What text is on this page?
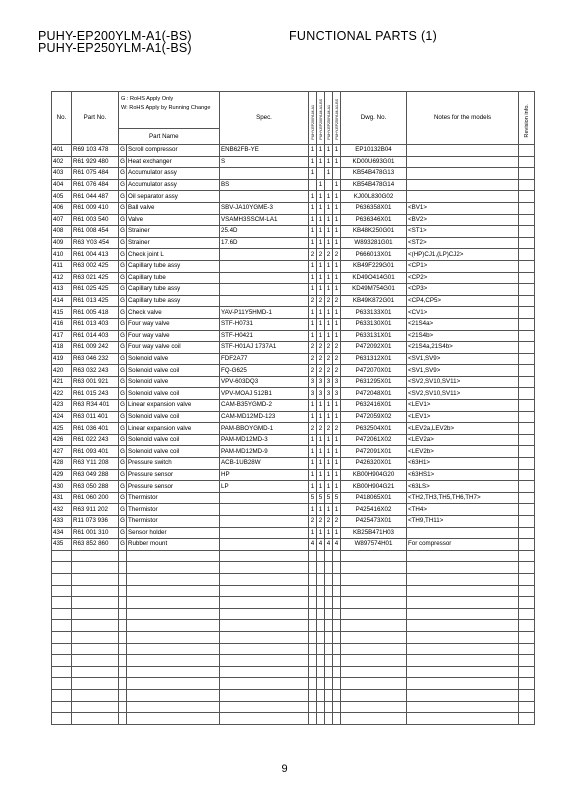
PUHY-EP200YLM-A1(-BS)
PUHY-EP250YLM-A1(-BS)
FUNCTIONAL PARTS (1)
No.	Part No.	G : RoHS Apply Only
W: RoHS Apply by Running Change
Part Name		Spec.	PUHY-EP200YLM-A1	PUHY-EP200YLM-A1-BS	PUHY-EP250YLM-A1	PUHY-EP250YLM-A1-BS	Dwg. No.	Notes for the models	Revision info.

401	R69 103 478	G	Scroll compressor	ENB62FB-YE	1	1	1	1	EP10132B04		
402	R61 929 480	G	Heat exchanger	S	1	1	1	1	KD00U693G01		
403	R61 075 484	G	Accumulator assy		1		1		KB54B478G13		
404	R61 076 484	G	Accumulator assy	BS		1		1	KB54B478G14		
405	R61 044 487	G	Oil separator assy		1	1	1	1	KJ00L830G02		
406	R61 009 410	G	Ball valve	SBV-JA10YGME-3	1	1	1	1	P636358X01	<BV1>	
407	R61 003 540	G	Valve	VSAMH3SSCM-LA1	1	1	1	1	P636346X01	<BV2>	
408	R61 008 454	G	Strainer	25.4D	1	1	1	1	KB48K250G01	<ST1>	
409	R63 Y03 454	G	Strainer	17.6D	1	1	1	1	W893281G01	<ST2>	
410	R61 004 413	G	Check joint L		2	2	2	2	P666013X01	<(HP)CJ1,(LP)CJ2>	
411	R63 002 425	G	Capillary tube assy		1	1	1	1	KB49F229G01	<CP1>	
412	R63 021 425	G	Capillary tube		1	1	1	1	KD49O414G01	<CP2>	
413	R61 025 425	G	Capillary tube assy		1	1	1	1	KD49M754G01	<CP3>	
414	R61 013 425	G	Capillary tube assy		2	2	2	2	KB49K872G01	<CP4,CP5>	
415	R61 005 418	G	Check valve	YAV-P11Y5HMD-1	1	1	1	1	P633133X01	<CV1>	
416	R61 013 403	G	Four way valve	STF-H0731	1	1	1	1	P633130X01	<21S4a>	
417	R61 014 403	G	Four way valve	STF-H0421	1	1	1	1	P633131X01	<21S4b>	
418	R61 009 242	G	Four way valve coil	STF-H01AJ 1737A1	2	2	2	2	P472092X01	<21S4a,21S4b>	
419	R63 046 232	G	Solenoid valve	FDF2A77	2	2	2	2	P631312X01	<SV1,SV9>	
420	R63 032 243	G	Solenoid valve coil	FQ-G625	2	2	2	2	P472070X01	<SV1,SV9>	
421	R63 001 921	G	Solenoid valve	VPV-603DQ3	3	3	3	3	P631295X01	<SV2,SV10,SV11>	
422	R61 015 243	G	Solenoid valve coil	VPV-MOAJ 512B1	3	3	3	3	P472048X01	<SV2,SV10,SV11>	
423	R63 R34 401	G	Linear expansion valve	CAM-B35YGMD-2	1	1	1	1	P632416X01	<LEV1>	
424	R63 011 401	G	Solenoid valve coil	CAM-MD12MD-123	1	1	1	1	P472059X02	<LEV1>	
425	R61 036 401	G	Linear expansion valve	PAM-BBOYGMD-1	2	2	2	2	P632504X01	<LEV2a,LEV2b>	
426	R61 022 243	G	Solenoid valve coil	PAM-MD12MD-3	1	1	1	1	P472061X02	<LEV2a>	
427	R61 093 401	G	Solenoid valve coil	PAM-MD12MD-9	1	1	1	1	P472091X01	<LEV2b>	
428	R63 Y11 208	G	Pressure switch	ACB-1UB28W	1	1	1	1	P426320X01	<63H1>	
429	R63 049 288	G	Pressure sensor	HP	1	1	1	1	KB00H904G20	<63HS1>	
430	R63 050 288	G	Pressure sensor	LP	1	1	1	1	KB00H904G21	<63LS>	
431	R61 060 200	G	Thermistor		5	5	5	5	P418065X01	<TH2,TH3,TH5,TH6,TH7>	
432	R63 911 202	G	Thermistor		1	1	1	1	P425416X02	<TH4>	
433	R11 073 936	G	Thermistor		2	2	2	2	P425473X01	<TH9,TH11>	
434	R61 001 310	G	Sensor holder		1	1	1	1	KB25B471H03		
435	R63 852 860	G	Rubber mount		4	4	4	4	W897574H01	For compressor	

9
